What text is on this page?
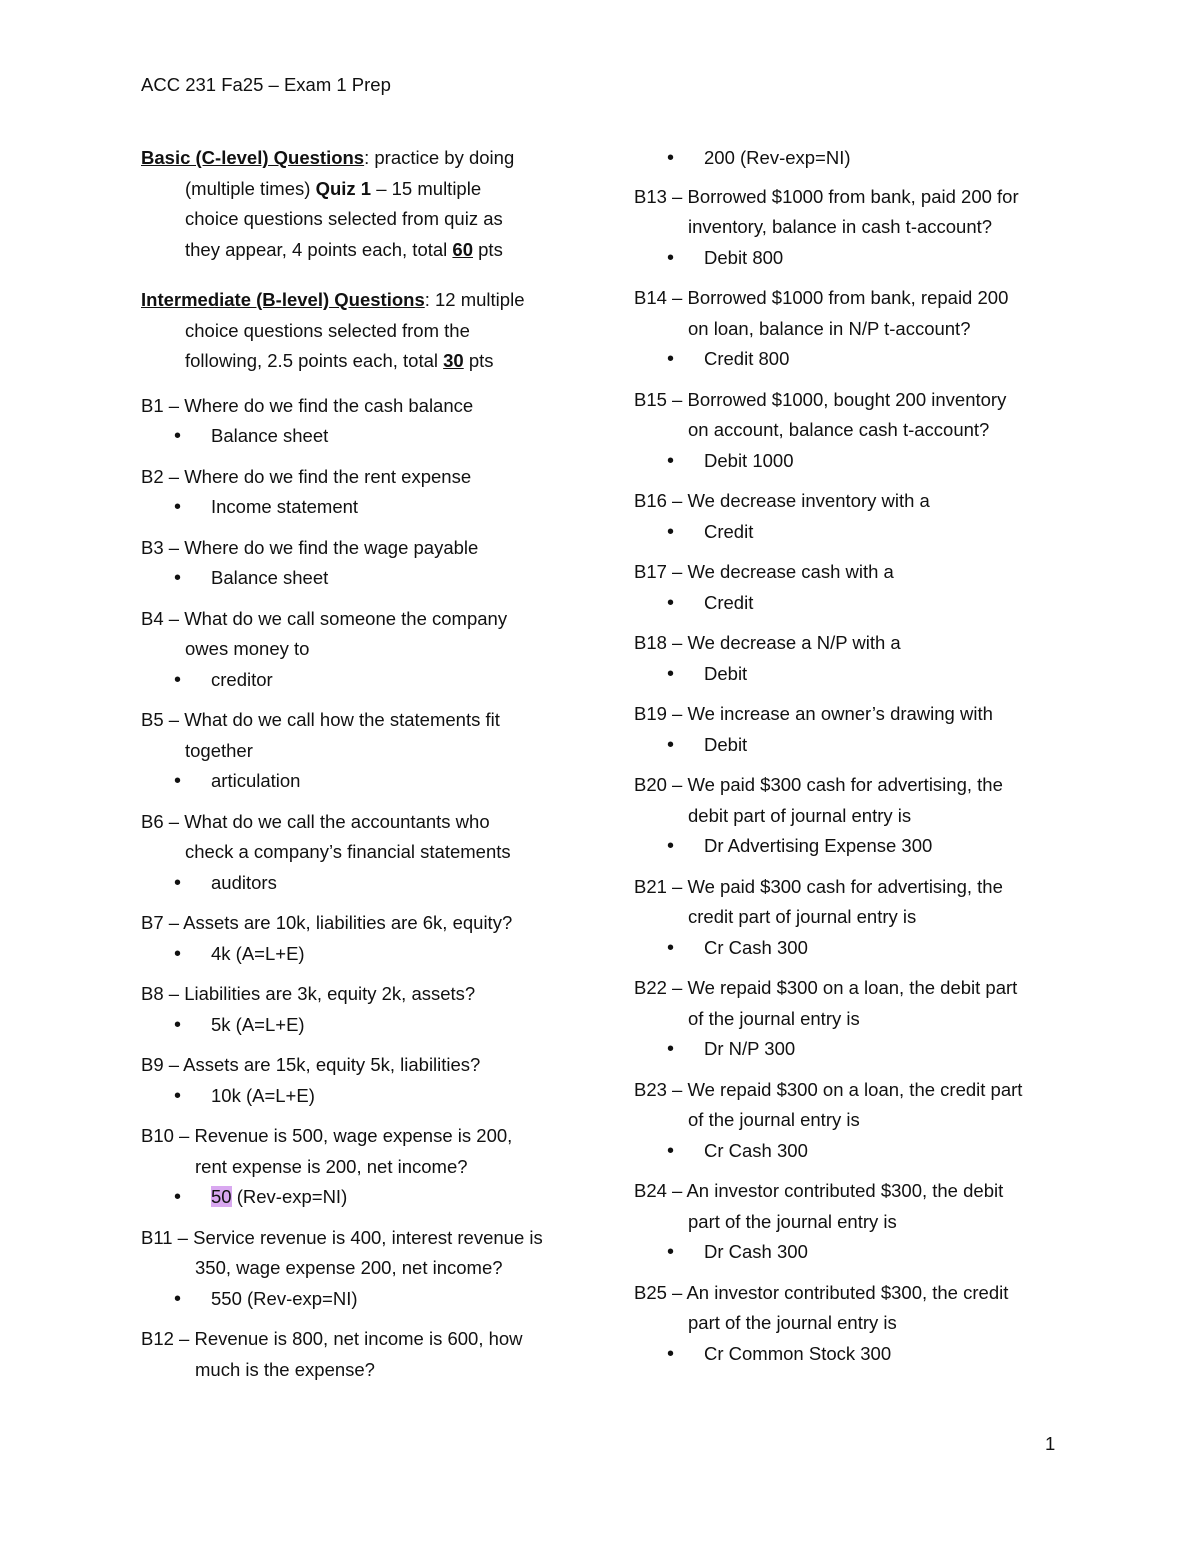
ACC 231 Fa25 – Exam 1 Prep
Basic (C-level) Questions: practice by doing
(multiple times) Quiz 1 – 15 multiple
choice questions selected from quiz as
they appear, 4 points each, total 60 pts
Intermediate (B-level) Questions: 12 multiple
choice questions selected from the
following, 2.5 points each, total 30 pts
B1 – Where do we find the cash balance
• Balance sheet
B2 – Where do we find the rent expense
• Income statement
B3 – Where do we find the wage payable
• Balance sheet
B4 – What do we call someone the company
owes money to
• creditor
B5 – What do we call how the statements fit
together
• articulation
B6 – What do we call the accountants who
check a company’s financial statements
• auditors
B7 – Assets are 10k, liabilities are 6k, equity?
• 4k (A=L+E)
B8 – Liabilities are 3k, equity 2k, assets?
• 5k (A=L+E)
B9 – Assets are 15k, equity 5k, liabilities?
• 10k (A=L+E)
B10 – Revenue is 500, wage expense is 200,
rent expense is 200, net income?
• 50 (Rev-exp=NI)
B11 – Service revenue is 400, interest revenue is
350, wage expense 200, net income?
• 550 (Rev-exp=NI)
B12 – Revenue is 800, net income is 600, how
much is the expense?
• 200 (Rev-exp=NI)
B13 – Borrowed $1000 from bank, paid 200 for
inventory, balance in cash t-account?
• Debit 800
B14 – Borrowed $1000 from bank, repaid 200
on loan, balance in N/P t-account?
• Credit 800
B15 – Borrowed $1000, bought 200 inventory
on account, balance cash t-account?
• Debit 1000
B16 – We decrease inventory with a
• Credit
B17 – We decrease cash with a
• Credit
B18 – We decrease a N/P with a
• Debit
B19 – We increase an owner’s drawing with
• Debit
B20 – We paid $300 cash for advertising, the
debit part of journal entry is
• Dr Advertising Expense 300
B21 – We paid $300 cash for advertising, the
credit part of journal entry is
• Cr Cash 300
B22 – We repaid $300 on a loan, the debit part
of the journal entry is
• Dr N/P 300
B23 – We repaid $300 on a loan, the credit part
of the journal entry is
• Cr Cash 300
B24 – An investor contributed $300, the debit
part of the journal entry is
• Dr Cash 300
B25 – An investor contributed $300, the credit
part of the journal entry is
• Cr Common Stock 300
1
